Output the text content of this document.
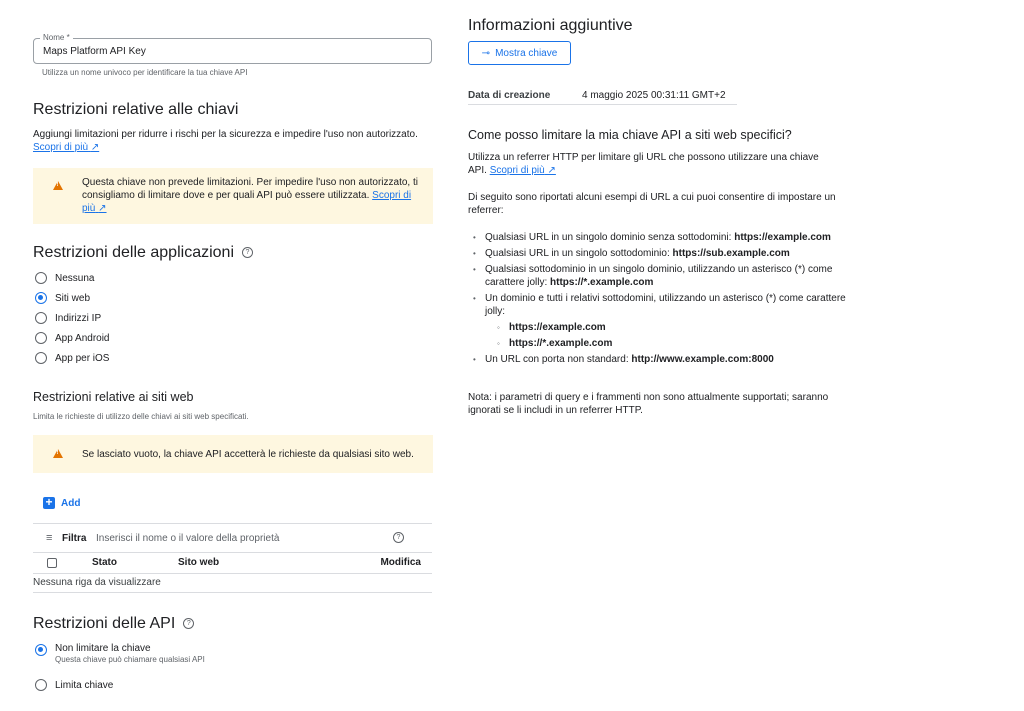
Nome *
Maps Platform API Key
Utilizza un nome univoco per identificare la tua chiave API
Restrizioni relative alle chiavi
Aggiungi limitazioni per ridurre i rischi per la sicurezza e impedire l'uso non autorizzato.
Scopri di più ↗
!
Questa chiave non prevede limitazioni. Per impedire l'uso non autorizzato, ti consigliamo di limitare dove e per quali API può essere utilizzata. Scopri di più ↗
Restrizioni delle applicazioni ?
Nessuna
Siti web
Indirizzi IP
App Android
App per iOS
Restrizioni relative ai siti web
Limita le richieste di utilizzo delle chiavi ai siti web specificati.
!
Se lasciato vuoto, la chiave API accetterà le richieste da qualsiasi sito web.
+ Add
≡ Filtra Inserisci il nome o il valore della proprietà	?
Stato	Sito web	Modifica
Nessuna riga da visualizzare
Restrizioni delle API ?
Non limitare la chiave
Questa chiave può chiamare qualsiasi API
Limita chiave
Informazioni aggiuntive
⊸ Mostra chiave
Data di creazione	4 maggio 2025 00:31:11 GMT+2
Come posso limitare la mia chiave API a siti web specifici?
Utilizza un referrer HTTP per limitare gli URL che possono utilizzare una chiave API. Scopri di più ↗
Di seguito sono riportati alcuni esempi di URL a cui puoi consentire di impostare un referrer:
• Qualsiasi URL in un singolo dominio senza sottodomini: https://example.com
• Qualsiasi URL in un singolo sottodominio: https://sub.example.com
• Qualsiasi sottodominio in un singolo dominio, utilizzando un asterisco (*) come carattere jolly: https://*.example.com
• Un dominio e tutti i relativi sottodomini, utilizzando un asterisco (*) come carattere jolly:
◦ https://example.com
◦ https://*.example.com
• Un URL con porta non standard: http://www.example.com:8000
Nota: i parametri di query e i frammenti non sono attualmente supportati; saranno ignorati se li includi in un referrer HTTP.
